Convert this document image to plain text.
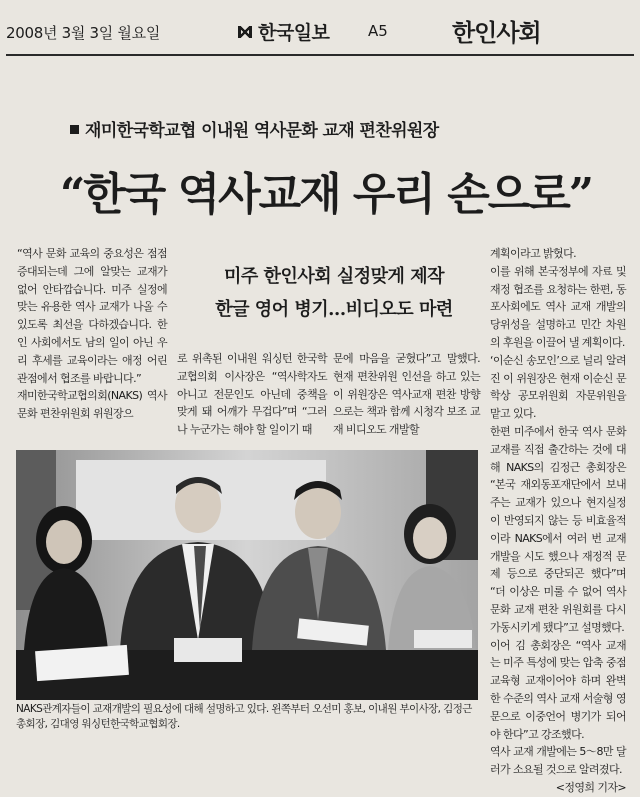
2008년 3월 3일 월요일	한국일보	A5	한인사회
재미한국학교협 이내원 역사문화 교재 편찬위원장
“한국 역사교재 우리 손으로”
미주 한인사회 실정맞게 제작
한글 영어 병기…비디오도 마련

“역사 문화 교육의 중요성은 점점 증대되는데 그에 알맞는 교재가 없어 안타깝습니다. 미주 실정에 맞는 유용한 역사 교재가 나올 수 있도록 최선을 다하겠습니다. 한인 사회에서도 남의 일이 아닌 우리 후세를 교육이라는 애정 어린 관점에서 협조를 바랍니다.”

재미한국학교협의회(NAKS) 역사 문화 편찬위원회 위원장으

로 위촉된 이내원 워싱턴 한국학교협의회 이사장은 “역사학자도 아니고 전문인도 아닌데 중책을 맞게 돼 어깨가 무겁다”며 “그러나 누군가는 해야 할 일이기 때

문에 마음을 굳혔다”고 말했다. 현재 편찬위원 인선을 하고 있는 이 위원장은 역사교재 편찬 방향으로는 책과 함께 시청각 보조 교재 비디오도 개발할

계획이라고 밝혔다.

이를 위해 본국정부에 자료 및 재정 협조를 요청하는 한편, 동포사회에도 역사 교재 개발의 당위성을 설명하고 민간 차원의 후원을 이끌어 낼 계획이다.

‘이순신 송모인’으로 널리 알려진 이 위원장은 현재 이순신 문학상 공모위원회 자문위원을 맡고 있다.

한편 미주에서 한국 역사 문화 교재를 직접 출간하는 것에 대해 NAKS의 김정근 총회장은 “본국 재외동포재단에서 보내주는 교재가 있으나 현지실정이 반영되지 않는 등 비효율적이라 NAKS에서 여러 번 교재 개발을 시도 했으나 재정적 문제 등으로 중단되곤 했다”며 “더 이상은 미룰 수 없어 역사 문화 교재 편찬 위원회를 다시 가동시키게 됐다”고 설명했다.

이어 김 총회장은 “역사 교재는 미주 특성에 맞는 압축 중점 교육형 교재이어야 하며 완벽한 수준의 역사 교재 서술형 영문으로 이중언어 병기가 되어야 한다”고 강조했다.

역사 교재 개발에는 5～8만 달러가 소요될 것으로 알려졌다.

<정영희 기자>

NAKS관계자들이 교재개발의 필요성에 대해 설명하고 있다. 왼쪽부터 오선미 홍보, 이내원 부이사장, 김정근 총회장, 김대영 워싱턴한국학교협회장.
